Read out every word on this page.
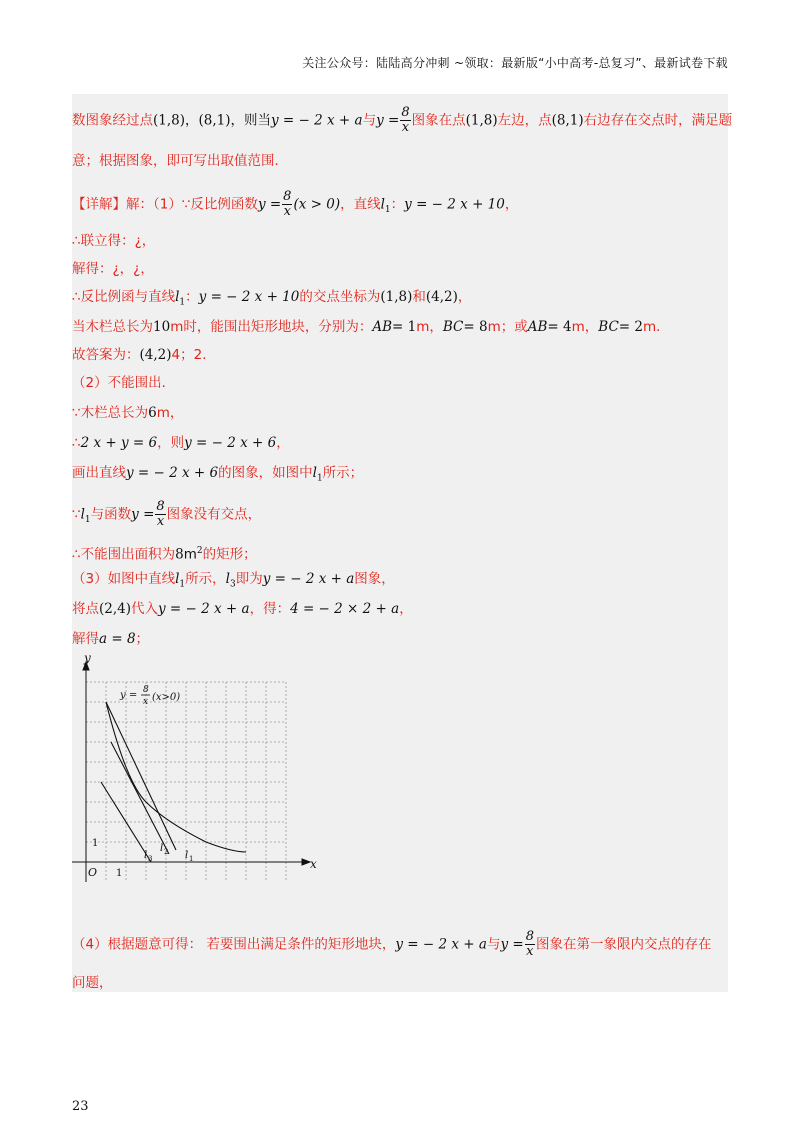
关注公众号：陆陆高分冲刺 ~领取：最新版“小中高考-总复习”、最新试卷下载
数图象经过点(1,8)，(8,1)，则当y = − 2 x + a与$y = \frac{8}{x}$ 图象在点(1,8)左边，点(8,1)右边存在交点时，满足题
意；根据图象，即可写出取值范围．
【详解】解：（1）∵反比例函数$y = \frac{8}{x} (x > 0)$，直线$l_1$：y = − 2 x + 10，
∴联立得：¿，
解得：¿，¿，
∴反比例函与直线$l_1$：y = − 2 x + 10的交点坐标为(1,8)和(4,2)，
当木栏总长为10m时，能围出矩形地块，分别为：AB= 1m，BC= 8m；或AB= 4m，BC= 2m．
故答案为：(4,2)4；2．
（2）不能围出．
∵木栏总长为6m，
∴2 x + y = 6，则y = − 2 x + 6，
画出直线y = − 2 x + 6的图象，如图中$l_1$所示；
$\because l_1$与函数$y = \frac{8}{x}$ 图象没有交点，
∴不能围出面积为$8m^2$的矩形；
（3）如图中直线$l_1$所示，$l_3$即为y = − 2 x + a图象，
将点(2,4)代入y = − 2 x + a，得：4 = − 2 × 2 + a，
解得a = 8；
y
x
O 1
1
y = 8
x (x>0)
l 3
l 2 l 1
（4）根据题意可得： 若要围出满足条件的矩形地块，y = − 2 x + a与$y = \frac{8}{x}$ 图象在第一象限内交点的存在
问题，
23
